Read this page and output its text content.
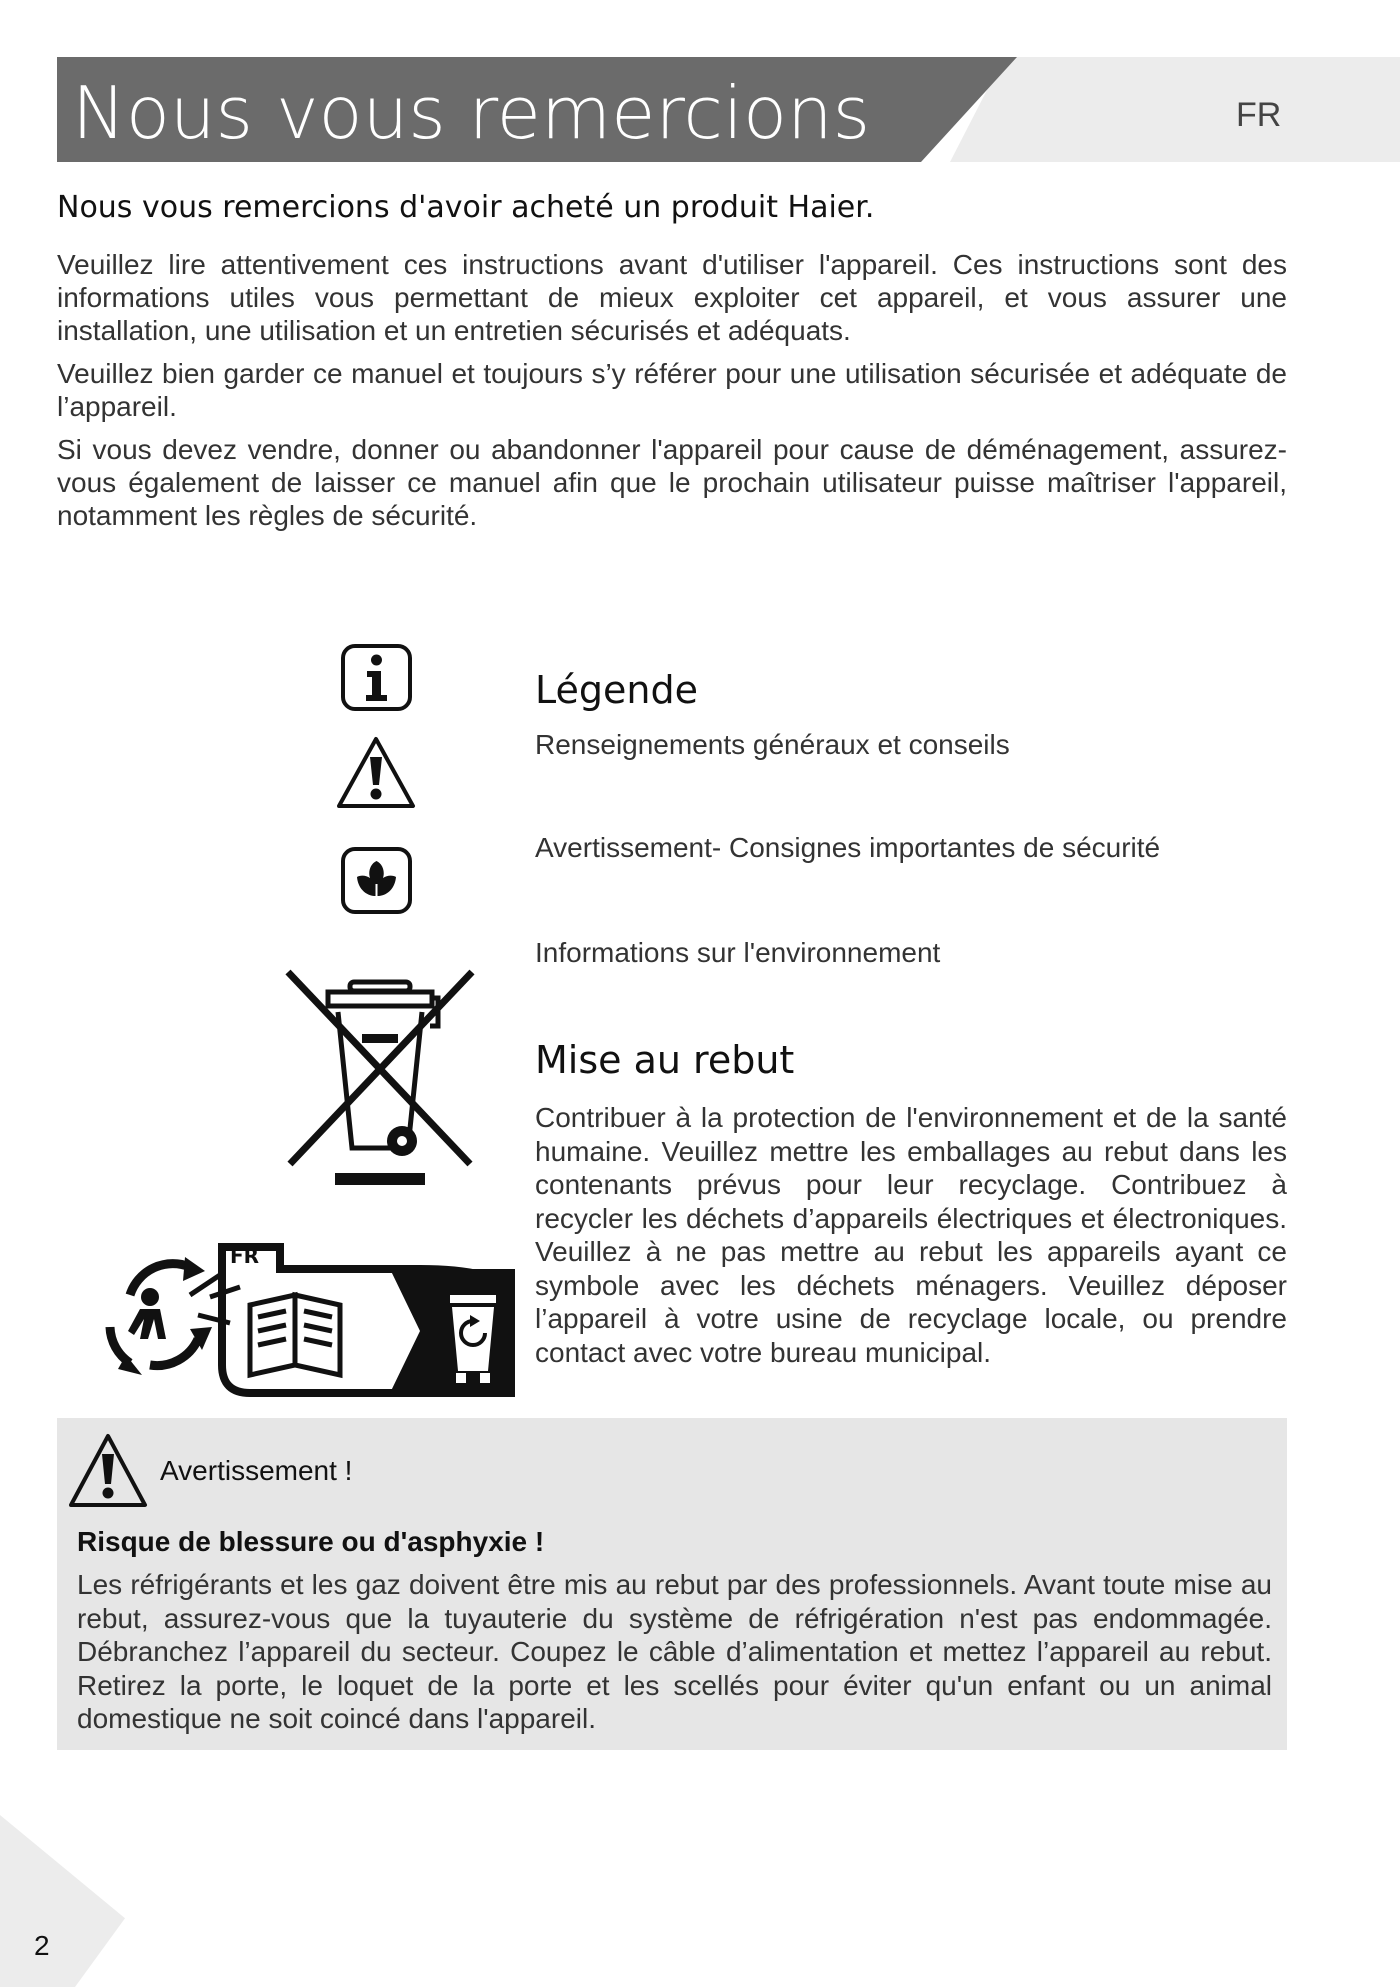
Nous vous remercions	FR
Nous vous remercions d'avoir acheté un produit Haier.
Veuillez lire attentivement ces instructions avant d'utiliser l'appareil. Ces instructions sont des informations utiles vous permettant de mieux exploiter cet appareil, et vous assurer une installation, une utilisation et un entretien sécurisés et adéquats.
Veuillez bien garder ce manuel et toujours s’y référer pour une utilisation sécurisée et adéquate de l’appareil.
Si vous devez vendre, donner ou abandonner l'appareil pour cause de déménagement, assurez-vous également de laisser ce manuel afin que le prochain utilisateur puisse maîtriser l'appareil, notamment les règles de sécurité.
Légende
Renseignements généraux et conseils
Avertissement- Consignes importantes de sécurité
Informations sur l'environnement
FR
Mise au rebut
Contribuer à la protection de l'environnement et de la santé humaine. Veuillez mettre les emballages au rebut dans les contenants prévus pour leur recyclage. Contribuez à recycler les déchets d’appareils électriques et électroniques. Veuillez à ne pas mettre au rebut les appareils ayant ce symbole avec les déchets ménagers. Veuillez déposer l’appareil à votre usine de recyclage locale, ou prendre contact avec votre bureau municipal.
Avertissement !
Risque de blessure ou d'asphyxie !
Les réfrigérants et les gaz doivent être mis au rebut par des professionnels. Avant toute mise au rebut, assurez-vous que la tuyauterie du système de réfrigération n'est pas endommagée. Débranchez l’appareil du secteur. Coupez le câble d’alimentation et mettez l’appareil au rebut. Retirez la porte, le loquet de la porte et les scellés pour éviter qu'un enfant ou un animal domestique ne soit coincé dans l'appareil.
2
